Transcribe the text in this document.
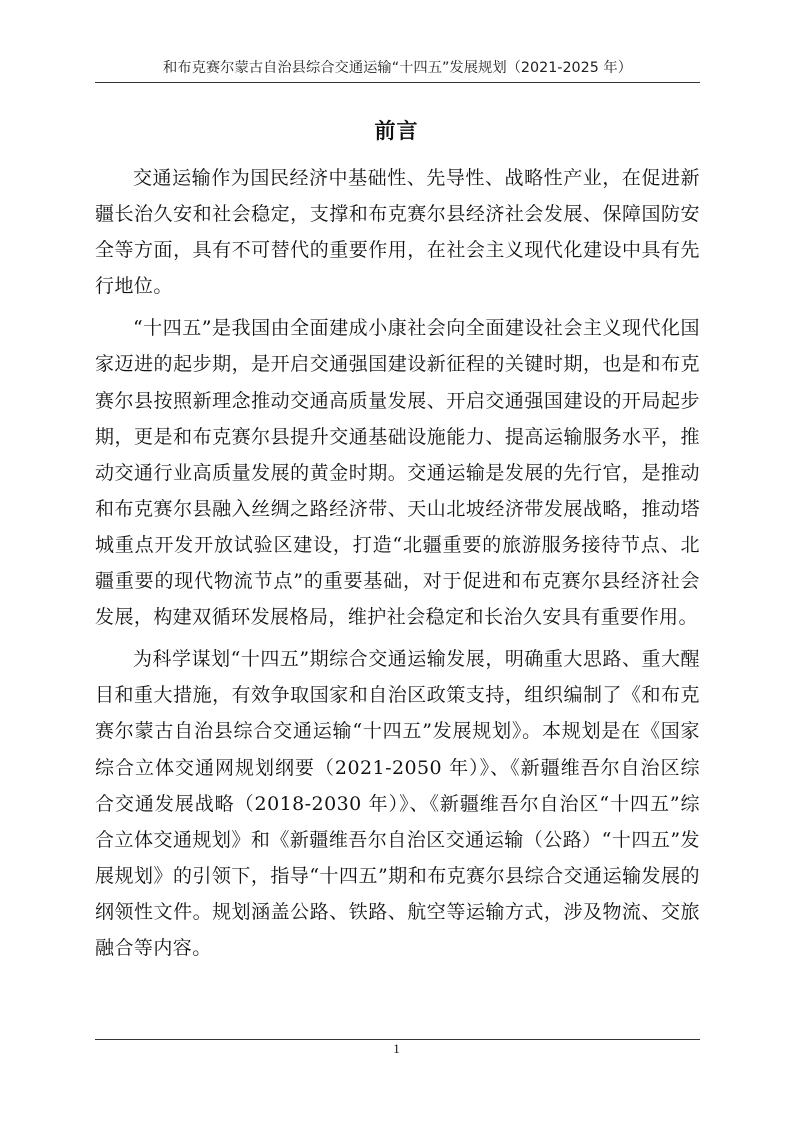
和布克赛尔蒙古自治县综合交通运输“十四五”发展规划（2021-2025 年）
前言

交通运输作为国民经济中基础性、先导性、战略性产业，在促进新疆长治久安和社会稳定，支撑和布克赛尔县经济社会发展、保障国防安全等方面，具有不可替代的重要作用，在社会主义现代化建设中具有先行地位。

“十四五”是我国由全面建成小康社会向全面建设社会主义现代化国家迈进的起步期，是开启交通强国建设新征程的关键时期，也是和布克赛尔县按照新理念推动交通高质量发展、开启交通强国建设的开局起步期，更是和布克赛尔县提升交通基础设施能力、提高运输服务水平，推动交通行业高质量发展的黄金时期。交通运输是发展的先行官，是推动和布克赛尔县融入丝绸之路经济带、天山北坡经济带发展战略，推动塔城重点开发开放试验区建设，打造“北疆重要的旅游服务接待节点、北疆重要的现代物流节点”的重要基础，对于促进和布克赛尔县经济社会发展，构建双循环发展格局，维护社会稳定和长治久安具有重要作用。

为科学谋划“十四五”期综合交通运输发展，明确重大思路、重大醒目和重大措施，有效争取国家和自治区政策支持，组织编制了《和布克赛尔蒙古自治县综合交通运输“十四五”发展规划》。本规划是在《国家综合立体交通网规划纲要（2021-2050 年）》、《新疆维吾尔自治区综合交通发展战略（2018-2030 年）》、《新疆维吾尔自治区“十四五”综合立体交通规划》和《新疆维吾尔自治区交通运输（公路）“十四五”发展规划》的引领下，指导“十四五”期和布克赛尔县综合交通运输发展的纲领性文件。规划涵盖公路、铁路、航空等运输方式，涉及物流、交旅融合等内容。

1
